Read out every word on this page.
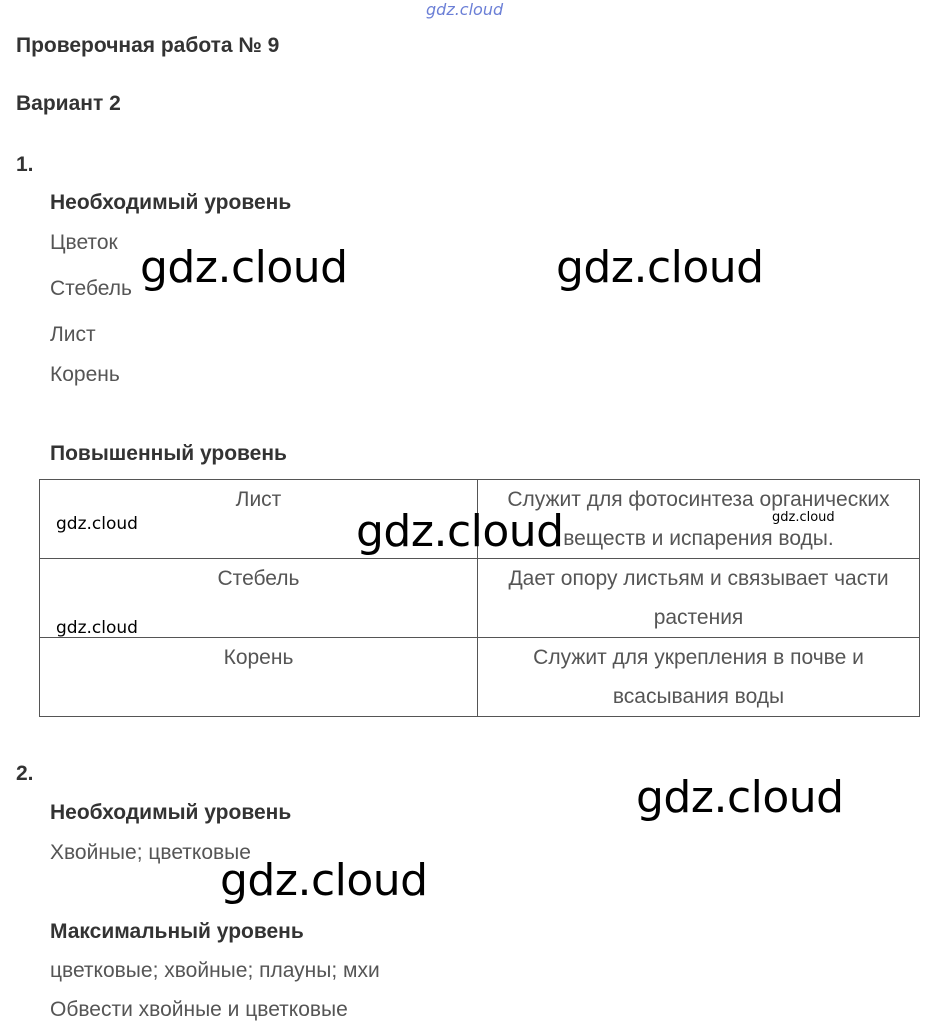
gdz.cloud
Проверочная работа № 9
Вариант 2
1.
Необходимый уровень
Цветок
Стебель
Лист
Корень
Повышенный уровень
Лист	Служит для фотосинтеза органических веществ и испарения воды.
Стебель	Дает опору листьям и связывает части растения
Корень	Служит для укрепления в почве и всасывания воды
2.
Необходимый уровень
Хвойные; цветковые
Максимальный уровень
цветковые; хвойные; плауны; мхи
Обвести хвойные и цветковые
gdz.cloud	gdz.cloud
gdz.cloud
gdz.cloud
gdz.cloud
gdz.cloud
gdz.cloud
gdz.cloud
